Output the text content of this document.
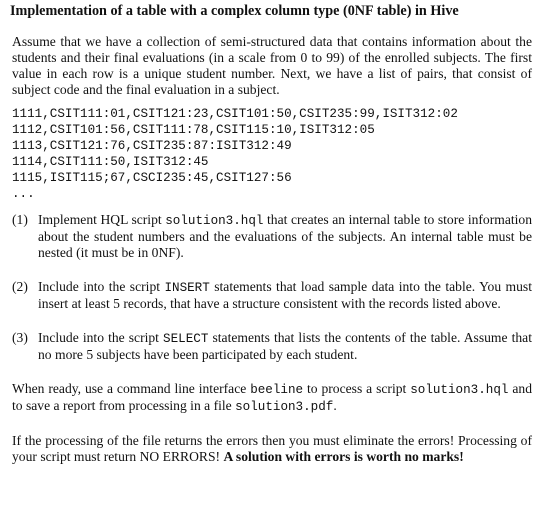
Implementation of a table with a complex column type (0NF table) in Hive

Assume that we have a collection of semi-structured data that contains information about the students and their final evaluations (in a scale from 0 to 99) of the enrolled subjects. The first value in each row is a unique student number. Next, we have a list of pairs, that consist of subject code and the final evaluation in a subject.

1111,CSIT111:01,CSIT121:23,CSIT101:50,CSIT235:99,ISIT312:02
1112,CSIT101:56,CSIT111:78,CSIT115:10,ISIT312:05
1113,CSIT121:76,CSIT235:87:ISIT312:49
1114,CSIT111:50,ISIT312:45
1115,ISIT115;67,CSCI235:45,CSIT127:56
...
(1) Implement HQL script solution3.hql that creates an internal table to store information about the student numbers and the evaluations of the subjects. An internal table must be nested (it must be in 0NF).
(2) Include into the script INSERT statements that load sample data into the table. You must insert at least 5 records, that have a structure consistent with the records listed above.
(3) Include into the script SELECT statements that lists the contents of the table. Assume that no more 5 subjects have been participated by each student.

When ready, use a command line interface beeline to process a script solution3.hql and to save a report from processing in a file solution3.pdf.

If the processing of the file returns the errors then you must eliminate the errors! Processing of your script must return NO ERRORS! A solution with errors is worth no marks!
